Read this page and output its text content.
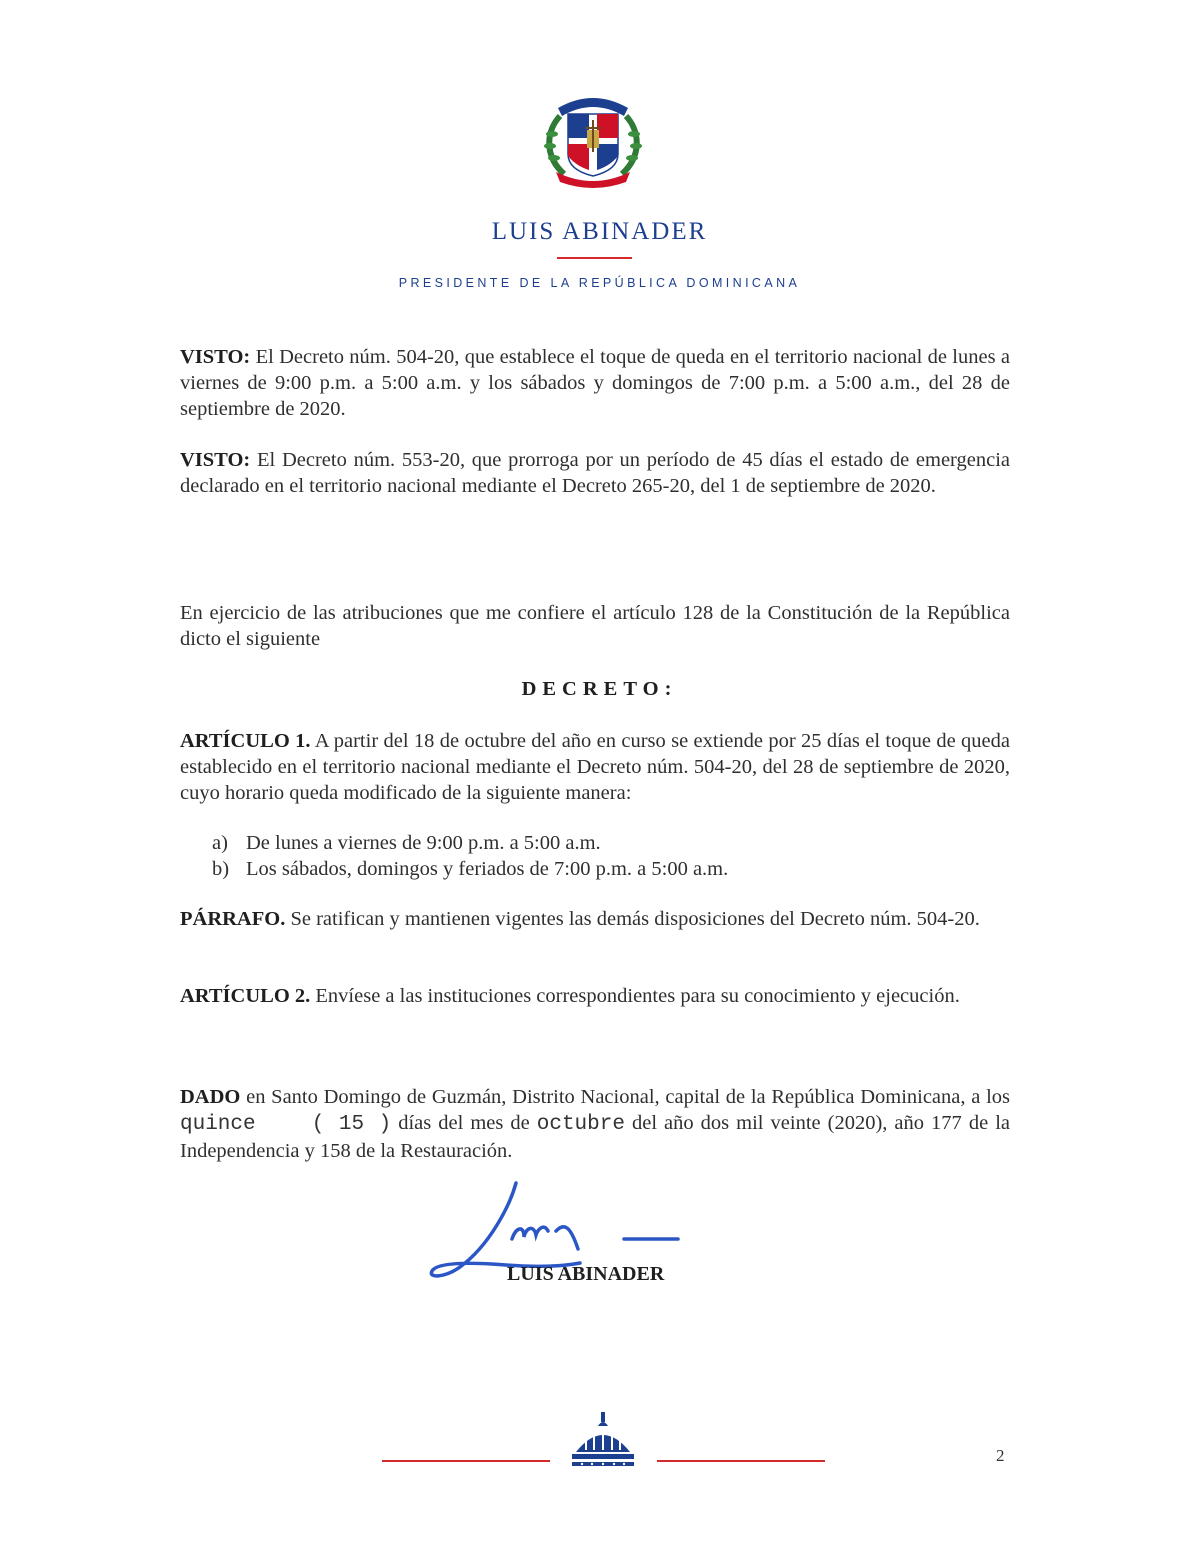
LUIS ABINADER
PRESIDENTE DE LA REPÚBLICA DOMINICANA
VISTO: El Decreto núm. 504-20, que establece el toque de queda en el territorio nacional de lunes a viernes de 9:00 p.m. a 5:00 a.m. y los sábados y domingos de 7:00 p.m. a 5:00 a.m., del 28 de septiembre de 2020.
VISTO: El Decreto núm. 553-20, que prorroga por un período de 45 días el estado de emergencia declarado en el territorio nacional mediante el Decreto 265-20, del 1 de septiembre de 2020.
En ejercicio de las atribuciones que me confiere el artículo 128 de la Constitución de la República dicto el siguiente
DECRETO:
ARTÍCULO 1. A partir del 18 de octubre del año en curso se extiende por 25 días el toque de queda establecido en el territorio nacional mediante el Decreto núm. 504-20, del 28 de septiembre de 2020, cuyo horario queda modificado de la siguiente manera:
a) De lunes a viernes de 9:00 p.m. a 5:00 a.m.
b) Los sábados, domingos y feriados de 7:00 p.m. a 5:00 a.m.
PÁRRAFO. Se ratifican y mantienen vigentes las demás disposiciones del Decreto núm. 504-20.
ARTÍCULO 2. Envíese a las instituciones correspondientes para su conocimiento y ejecución.
DADO en Santo Domingo de Guzmán, Distrito Nacional, capital de la República Dominicana, a los quince	( 15 ) días del mes de octubre del año dos mil veinte (2020), año 177 de la Independencia y 158 de la Restauración.
LUIS ABINADER
2
